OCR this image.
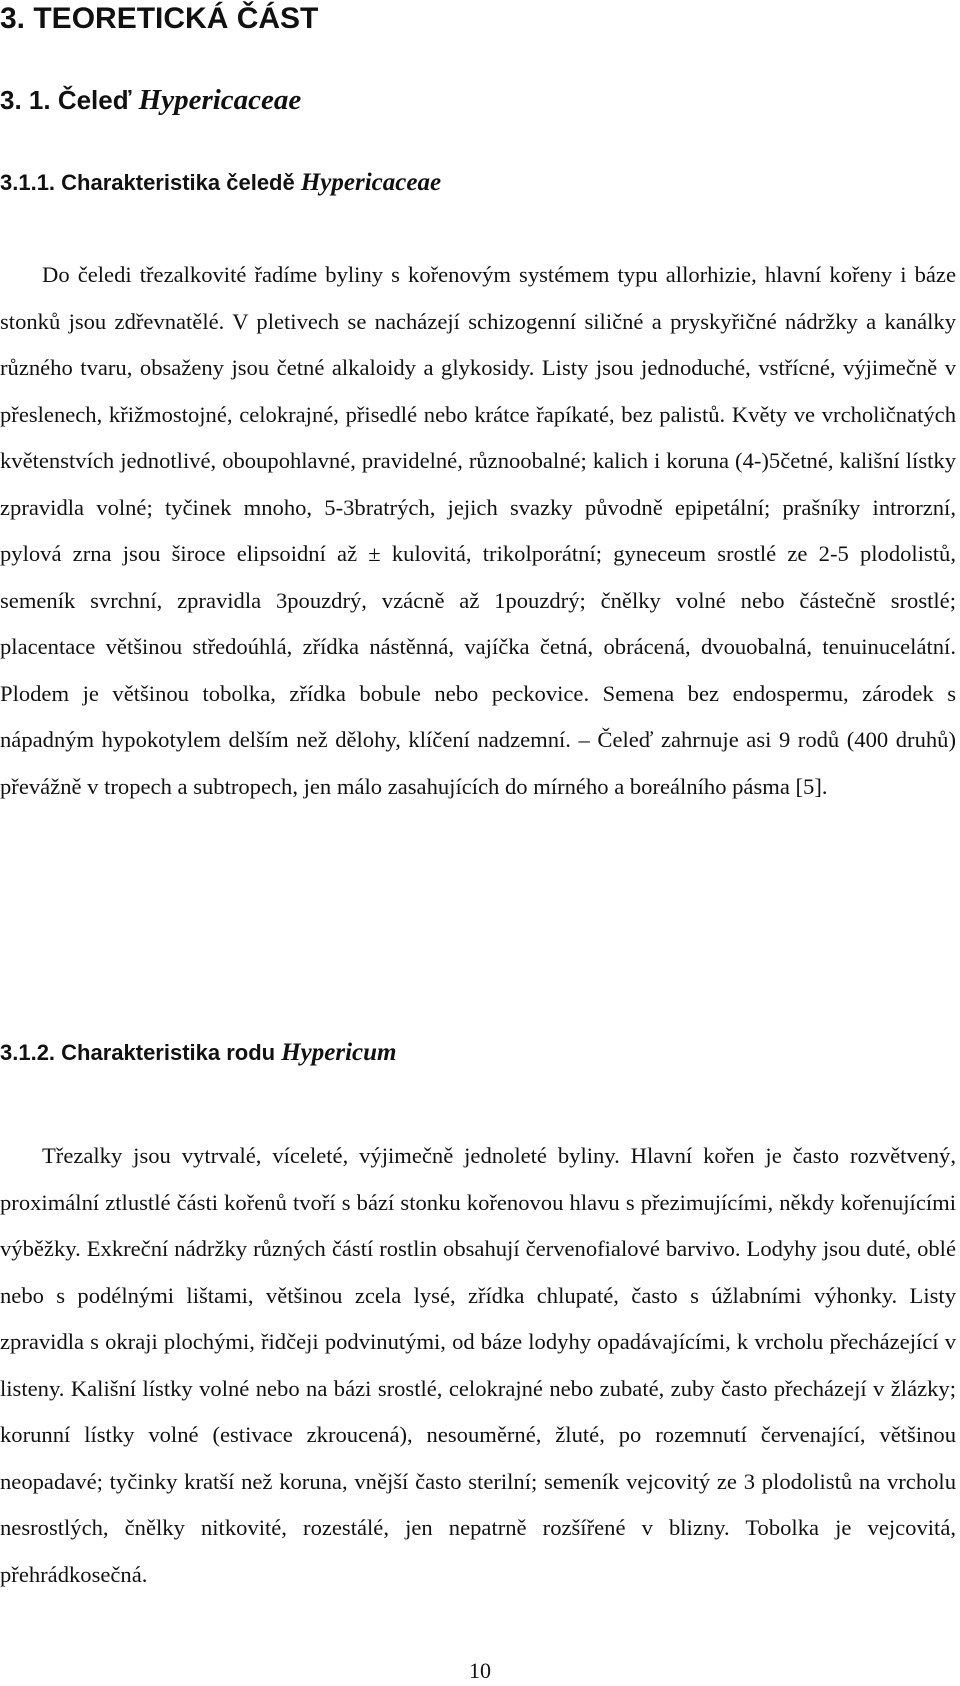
3. TEORETICKÁ ČÁST
3. 1. Čeleď Hypericaceae
3.1.1. Charakteristika čeledě Hypericaceae

Do čeledi třezalkovité řadíme byliny s kořenovým systémem typu allorhizie, hlavní kořeny i báze stonků jsou zdřevnatělé. V pletivech se nacházejí schizogenní siličné a pryskyřičné nádržky a kanálky různého tvaru, obsaženy jsou četné alkaloidy a glykosidy. Listy jsou jednoduché, vstřícné, výjimečně v přeslenech, křižmostojné, celokrajné, přisedlé nebo krátce řapíkaté, bez palistů. Květy ve vrcholičnatých květenstvích jednotlivé, oboupohlavné, pravidelné, různoobalné; kalich i koruna (4-)5četné, kališní lístky zpravidla volné; tyčinek mnoho, 5-3bratrých, jejich svazky původně epipetální; prašníky introrzní, pylová zrna jsou široce elipsoidní až ± kulovitá, trikolporátní; gyneceum srostlé ze 2-5 plodolistů, semeník svrchní, zpravidla 3pouzdrý, vzácně až 1pouzdrý; čnělky volné nebo částečně srostlé; placentace většinou středoúhlá, zřídka nástěnná, vajíčka četná, obrácená, dvouobalná, tenuinucelátní. Plodem je většinou tobolka, zřídka bobule nebo peckovice. Semena bez endospermu, zárodek s nápadným hypokotylem delším než dělohy, klíčení nadzemní. – Čeleď zahrnuje asi 9 rodů (400 druhů) převážně v tropech a subtropech, jen málo zasahujících do mírného a boreálního pásma [5].

3.1.2. Charakteristika rodu Hypericum

Třezalky jsou vytrvalé, víceleté, výjimečně jednoleté byliny. Hlavní kořen je často rozvětvený, proximální ztlustlé části kořenů tvoří s bází stonku kořenovou hlavu s přezimujícími, někdy kořenujícími výběžky. Exkreční nádržky různých částí rostlin obsahují červenofialové barvivo. Lodyhy jsou duté, oblé nebo s podélnými lištami, většinou zcela lysé, zřídka chlupaté, často s úžlabními výhonky. Listy zpravidla s okraji plochými, řidčeji podvinutými, od báze lodyhy opadávajícími, k vrcholu přecházející v listeny. Kališní lístky volné nebo na bázi srostlé, celokrajné nebo zubaté, zuby často přecházejí v žlázky; korunní lístky volné (estivace zkroucená), nesouměrné, žluté, po rozemnutí červenající, většinou neopadavé; tyčinky kratší než koruna, vnější často sterilní; semeník vejcovitý ze 3 plodolistů na vrcholu nesrostlých, čnělky nitkovité, rozestálé, jen nepatrně rozšířené v blizny. Tobolka je vejcovitá, přehrádkosečná.

10
